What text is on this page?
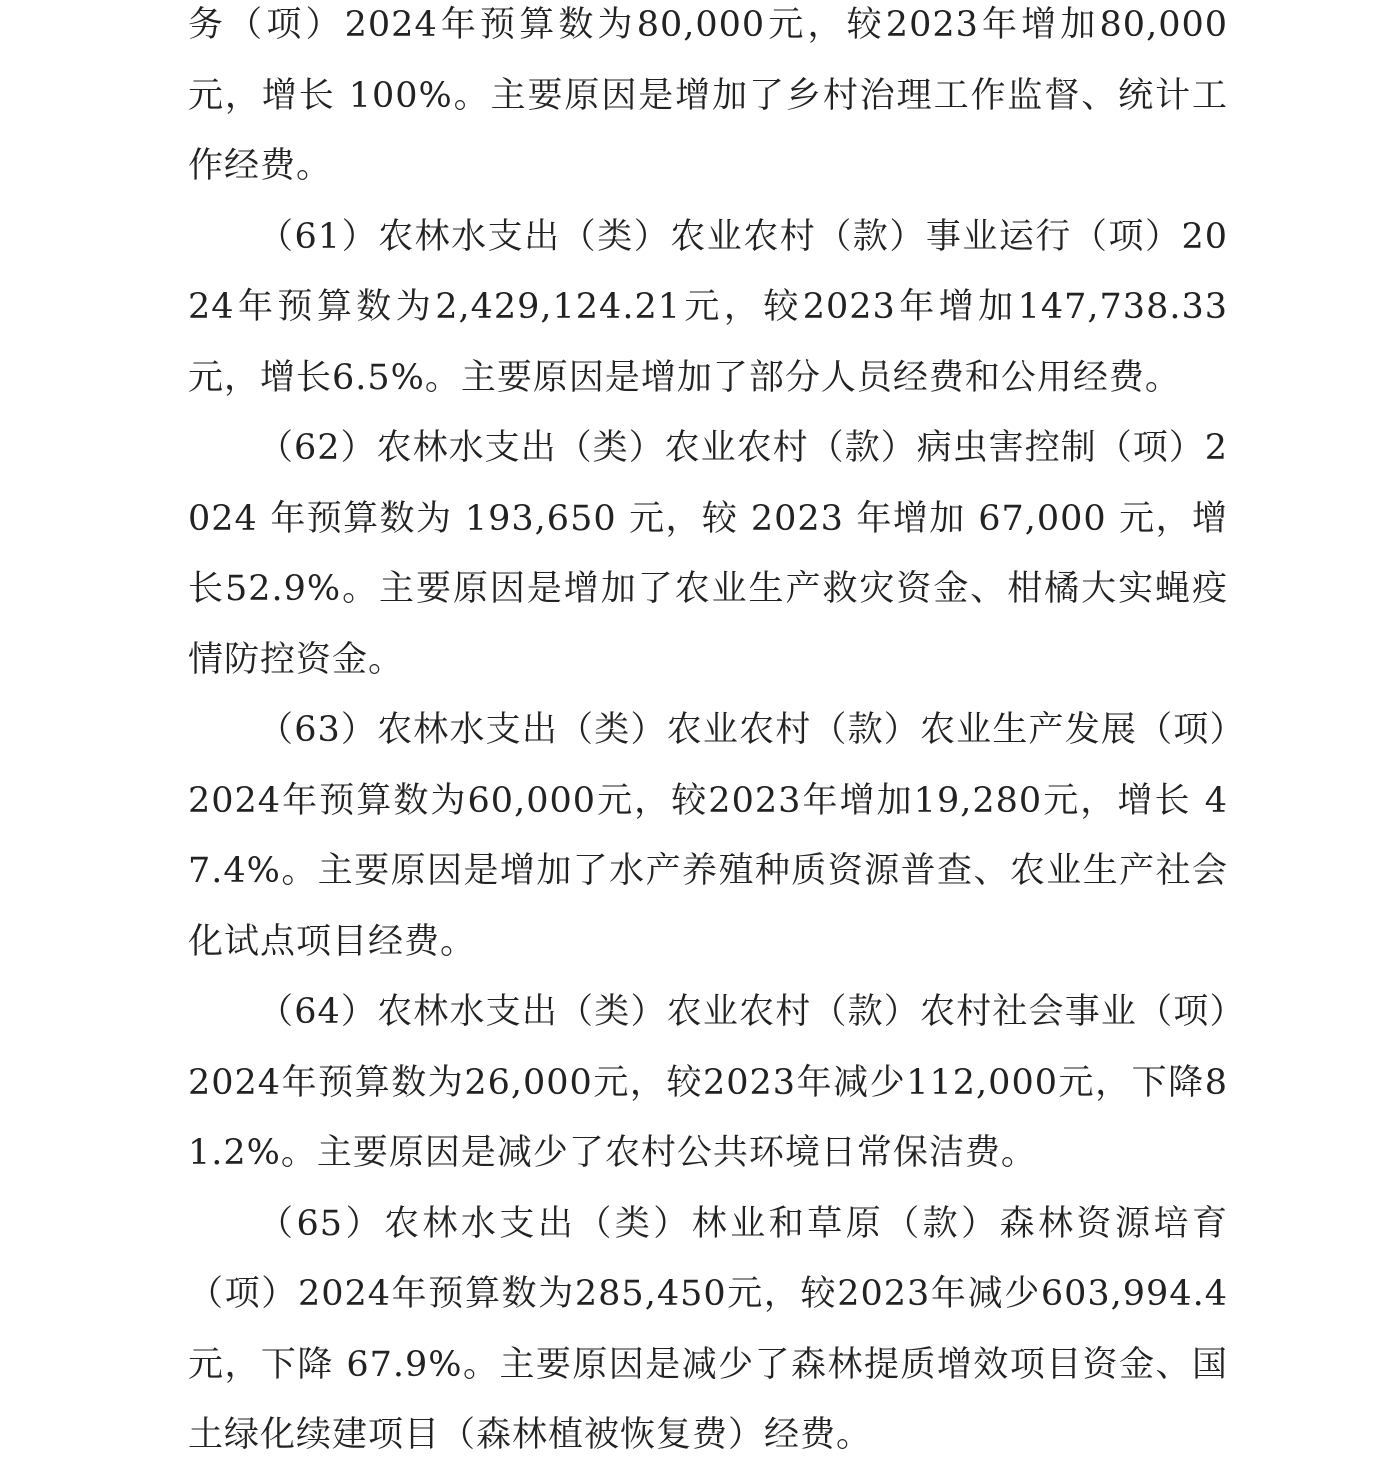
务（项）2024年预算数为80,000元，较2023年增加80,000元，增长 100%。主要原因是增加了乡村治理工作监督、统计工作经费。

（61）农林水支出（类）农业农村（款）事业运行（项）2024年预算数为2,429,124.21元，较2023年增加147,738.33元，增长6.5%。主要原因是增加了部分人员经费和公用经费。

（62）农林水支出（类）农业农村（款）病虫害控制（项）2024 年预算数为 193,650 元，较 2023 年增加 67,000 元，增长52.9%。主要原因是增加了农业生产救灾资金、柑橘大实蝇疫情防控资金。

（63）农林水支出（类）农业农村（款）农业生产发展（项）2024年预算数为60,000元，较2023年增加19,280元，增长 47.4%。主要原因是增加了水产养殖种质资源普查、农业生产社会化试点项目经费。

（64）农林水支出（类）农业农村（款）农村社会事业（项）2024年预算数为26,000元，较2023年减少112,000元，下降81.2%。主要原因是减少了农村公共环境日常保洁费。

（65）农林水支出（类）林业和草原（款）森林资源培育（项）2024年预算数为285,450元，较2023年减少603,994.4元，下降 67.9%。主要原因是减少了森林提质增效项目资金、国土绿化续建项目（森林植被恢复费）经费。
